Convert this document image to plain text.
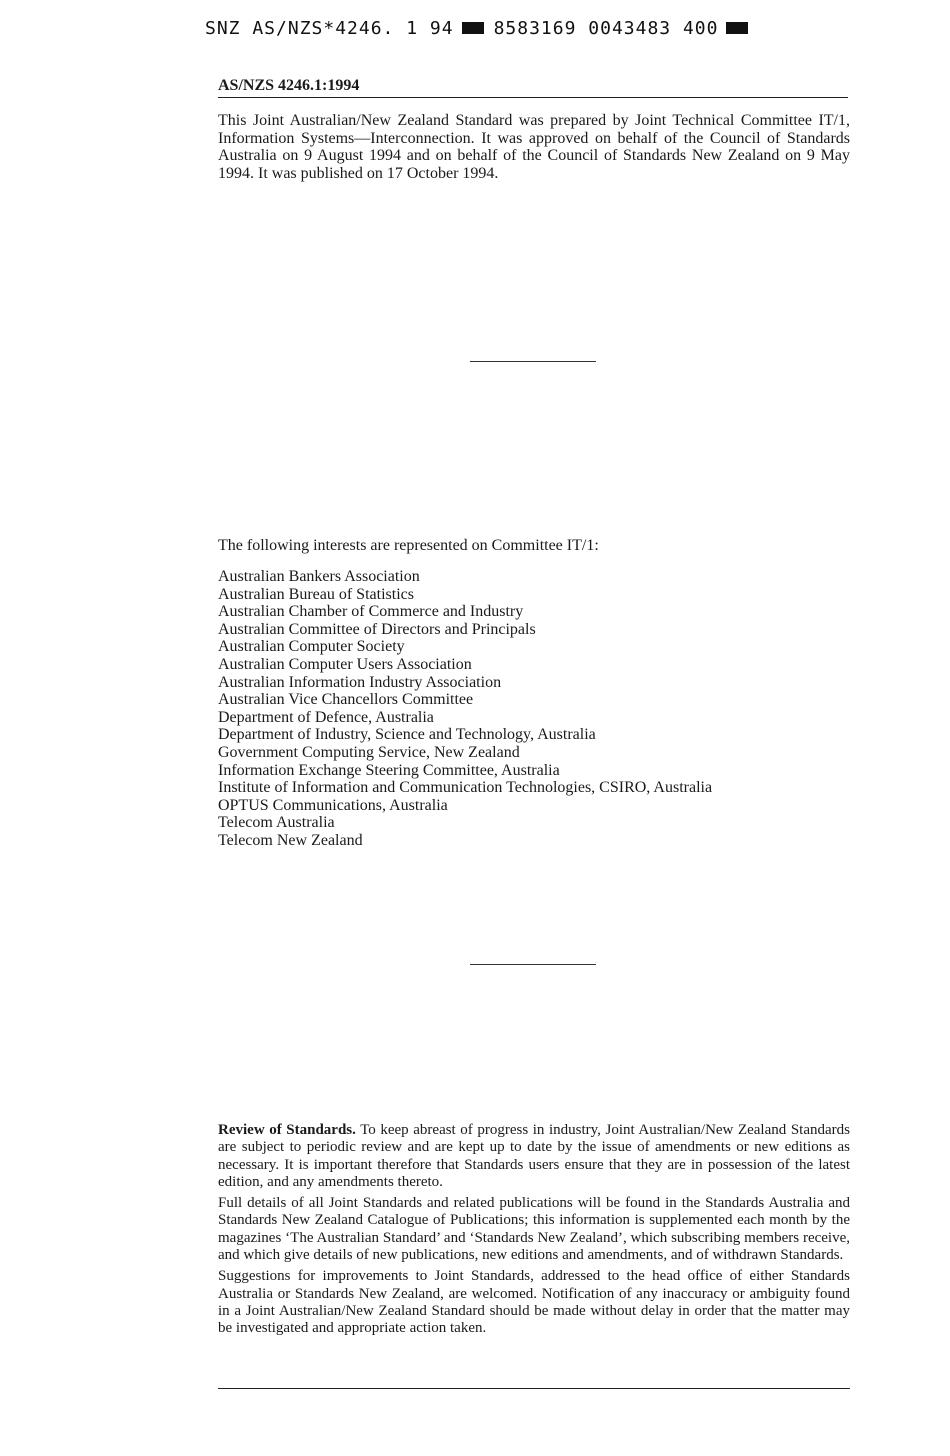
SNZ AS/NZS*4246. 1 94 8583169 0043483 400
AS/NZS 4246.1:1994
This Joint Australian/New Zealand Standard was prepared by Joint Technical Committee IT/1, Information Systems—Interconnection. It was approved on behalf of the Council of Standards Australia on 9 August 1994 and on behalf of the Council of Standards New Zealand on 9 May 1994. It was published on 17 October 1994.
The following interests are represented on Committee IT/1:
Australian Bankers Association
Australian Bureau of Statistics
Australian Chamber of Commerce and Industry
Australian Committee of Directors and Principals
Australian Computer Society
Australian Computer Users Association
Australian Information Industry Association
Australian Vice Chancellors Committee
Department of Defence, Australia
Department of Industry, Science and Technology, Australia
Government Computing Service, New Zealand
Information Exchange Steering Committee, Australia
Institute of Information and Communication Technologies, CSIRO, Australia
OPTUS Communications, Australia
Telecom Australia
Telecom New Zealand

Review of Standards. To keep abreast of progress in industry, Joint Australian/New Zealand Standards are subject to periodic review and are kept up to date by the issue of amendments or new editions as necessary. It is important therefore that Standards users ensure that they are in possession of the latest edition, and any amendments thereto.

Full details of all Joint Standards and related publications will be found in the Standards Australia and Standards New Zealand Catalogue of Publications; this information is supplemented each month by the magazines ‘The Australian Standard’ and ‘Standards New Zealand’, which subscribing members receive, and which give details of new publications, new editions and amendments, and of withdrawn Standards.

Suggestions for improvements to Joint Standards, addressed to the head office of either Standards Australia or Standards New Zealand, are welcomed. Notification of any inaccuracy or ambiguity found in a Joint Australian/New Zealand Standard should be made without delay in order that the matter may be investigated and appropriate action taken.
